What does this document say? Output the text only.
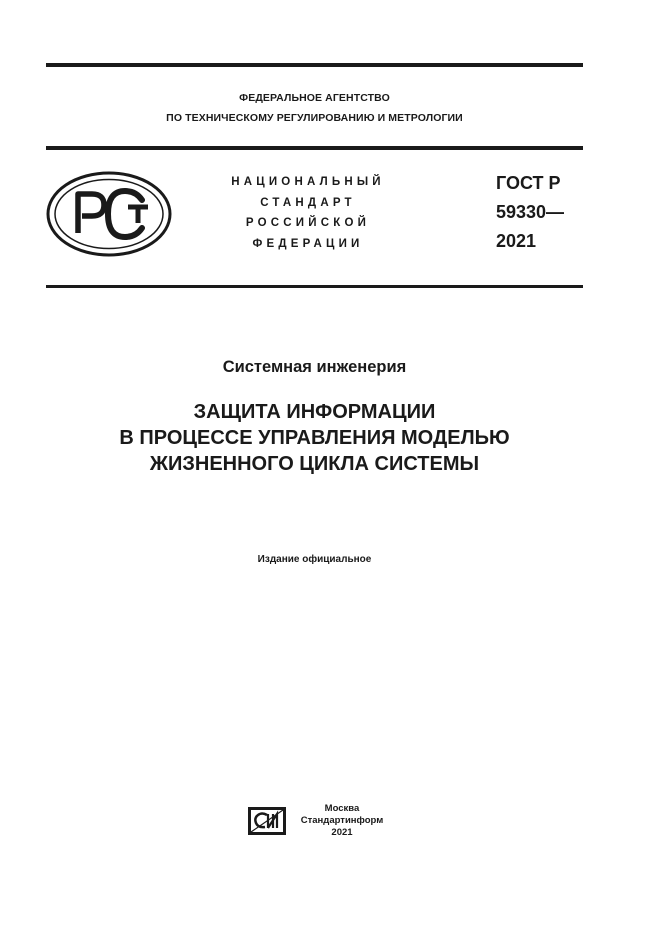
ФЕДЕРАЛЬНОЕ АГЕНТСТВО
ПО ТЕХНИЧЕСКОМУ РЕГУЛИРОВАНИЮ И МЕТРОЛОГИИ
НАЦИОНАЛЬНЫЙ
СТАНДАРТ
РОССИЙСКОЙ
ФЕДЕРАЦИИ
ГОСТ Р
59330—
2021
Системная инженерия
ЗАЩИТА ИНФОРМАЦИИ
В ПРОЦЕССЕ УПРАВЛЕНИЯ МОДЕЛЬЮ
ЖИЗНЕННОГО ЦИКЛА СИСТЕМЫ
Издание официальное
Москва
Стандартинформ
2021
